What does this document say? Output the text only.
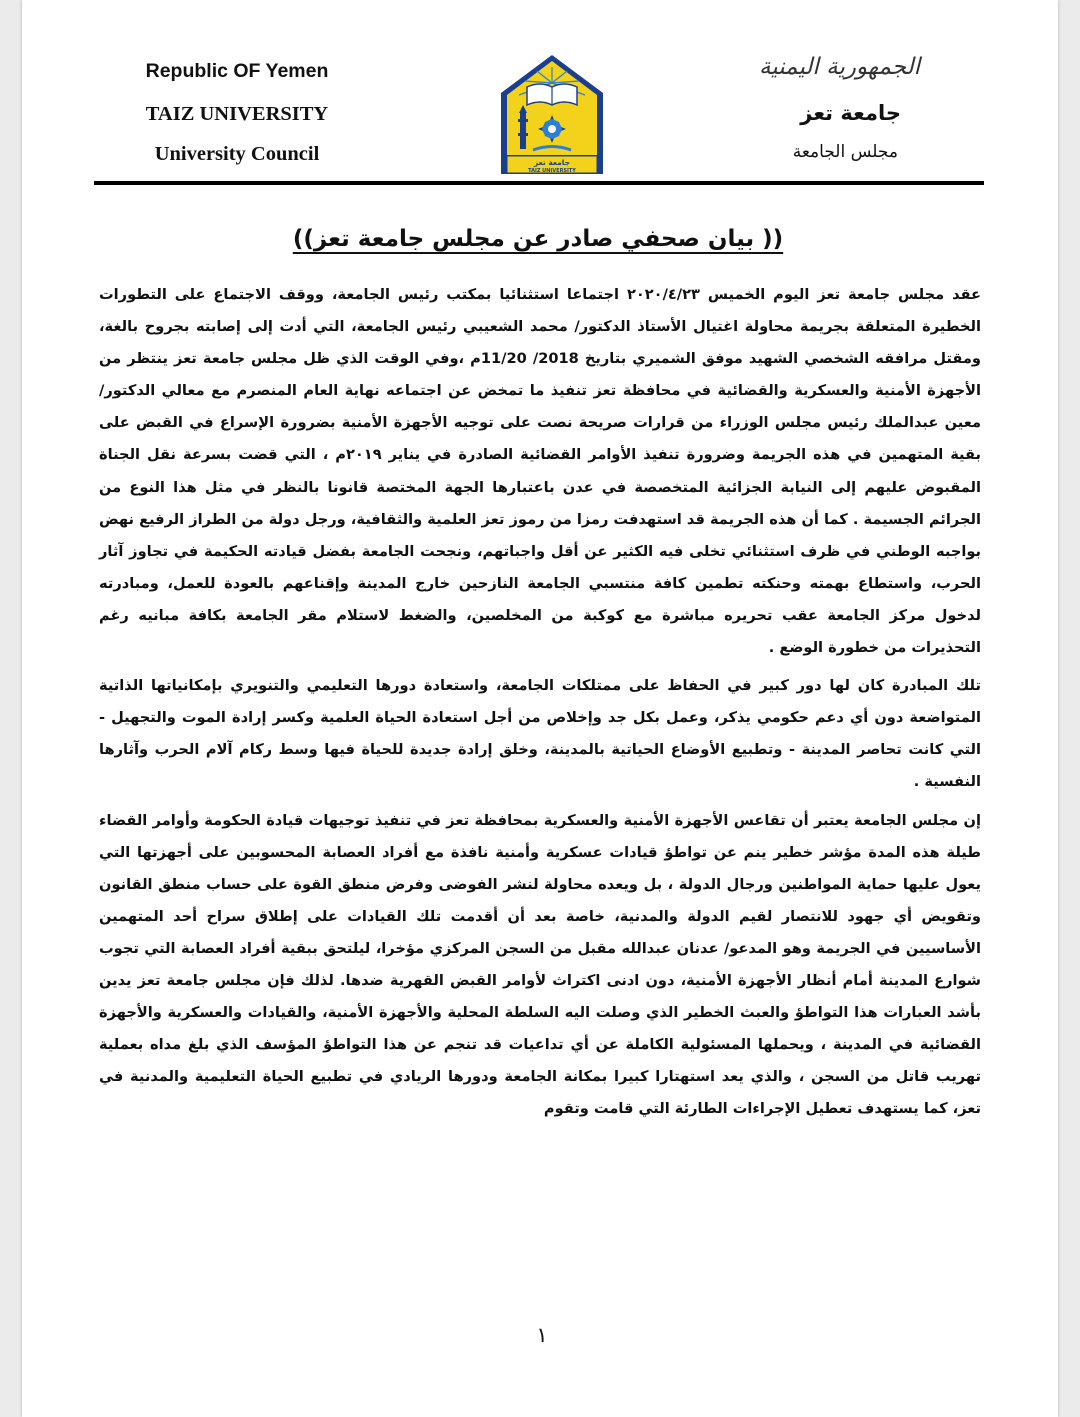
Republic OF Yemen

TAIZ UNIVERSITY

University Council	جامعة تعز
TAIZ UNIVERSITY

الجمهورية اليمنية

جامعة تعز

مجلس الجامعة

(( بيان صحفي صادر عن مجلس جامعة تعز))

عقد مجلس جامعة تعز اليوم الخميس ٢٠٢٠/٤/٢٣ اجتماعا استثنائيا بمكتب رئيس الجامعة، ووقف الاجتماع على التطورات الخطيرة المتعلقة بجريمة محاولة اغتيال الأستاذ الدكتور/ محمد الشعيبي رئيس الجامعة، التي أدت إلى إصابته بجروح بالغة، ومقتل مرافقه الشخصي الشهيد موفق الشميري بتاريخ 2018/ 11/20م ،وفي الوقت الذي ظل مجلس جامعة تعز ينتظر من الأجهزة الأمنية والعسكرية والقضائية في محافظة تعز تنفيذ ما تمخض عن اجتماعه نهاية العام المنصرم مع معالي الدكتور/ معين عبدالملك رئيس مجلس الوزراء من قرارات صريحة نصت على توجيه الأجهزة الأمنية بضرورة الإسراع في القبض على بقية المتهمين في هذه الجريمة وضرورة تنفيذ الأوامر القضائية الصادرة في يناير ٢٠١٩م ، التي قضت بسرعة نقل الجناة المقبوض عليهم إلى النيابة الجزائية المتخصصة في عدن باعتبارها الجهة المختصة قانونا بالنظر في مثل هذا النوع من الجرائم الجسيمة . كما أن هذه الجريمة قد استهدفت رمزا من رموز تعز العلمية والثقافية، ورجل دولة من الطراز الرفيع نهض بواجبه الوطني في ظرف استثنائي تخلى فيه الكثير عن أقل واجباتهم، ونجحت الجامعة بفضل قيادته الحكيمة في تجاوز آثار الحرب، واستطاع بهمته وحنكته تطمين كافة منتسبي الجامعة النازحين خارج المدينة وإقناعهم بالعودة للعمل، ومبادرته لدخول مركز الجامعة عقب تحريره مباشرة مع كوكبة من المخلصين، والضغط لاستلام مقر الجامعة بكافة مبانيه رغم التحذيرات من خطورة الوضع .

تلك المبادرة كان لها دور كبير في الحفاظ على ممتلكات الجامعة، واستعادة دورها التعليمي والتنويري بإمكانياتها الذاتية المتواضعة دون أي دعم حكومي يذكر، وعمل بكل جد وإخلاص من أجل استعادة الحياة العلمية وكسر إرادة الموت والتجهيل - التي كانت تحاصر المدينة - وتطبيع الأوضاع الحياتية بالمدينة، وخلق إرادة جديدة للحياة فيها وسط ركام آلام الحرب وآثارها النفسية .

إن مجلس الجامعة يعتبر أن تقاعس الأجهزة الأمنية والعسكرية بمحافظة تعز في تنفيذ توجيهات قيادة الحكومة وأوامر القضاء طيلة هذه المدة مؤشر خطير ينم عن تواطؤ قيادات عسكرية وأمنية نافذة مع أفراد العصابة المحسوبين على أجهزتها التي يعول عليها حماية المواطنين ورجال الدولة ، بل ويعده محاولة لنشر الفوضى وفرض منطق القوة على حساب منطق القانون وتقويض أي جهود للانتصار لقيم الدولة والمدنية، خاصة بعد أن أقدمت تلك القيادات على إطلاق سراح أحد المتهمين الأساسيين في الجريمة وهو المدعو/ عدنان عبدالله مقبل من السجن المركزي مؤخرا، ليلتحق ببقية أفراد العصابة التي تجوب شوارع المدينة أمام أنظار الأجهزة الأمنية، دون ادنى اكتراث لأوامر القبض القهرية ضدها. لذلك فإن مجلس جامعة تعز يدين بأشد العبارات هذا التواطؤ والعبث الخطير الذي وصلت اليه السلطة المحلية والأجهزة الأمنية، والقيادات والعسكرية والأجهزة القضائية في المدينة ، ويحملها المسئولية الكاملة عن أي تداعيات قد تنجم عن هذا التواطؤ المؤسف الذي بلغ مداه بعملية تهريب قاتل من السجن ، والذي يعد استهتارا كبيرا بمكانة الجامعة ودورها الريادي في تطبيع الحياة التعليمية والمدنية في تعز، كما يستهدف تعطيل الإجراءات الطارئة التي قامت وتقوم

١
